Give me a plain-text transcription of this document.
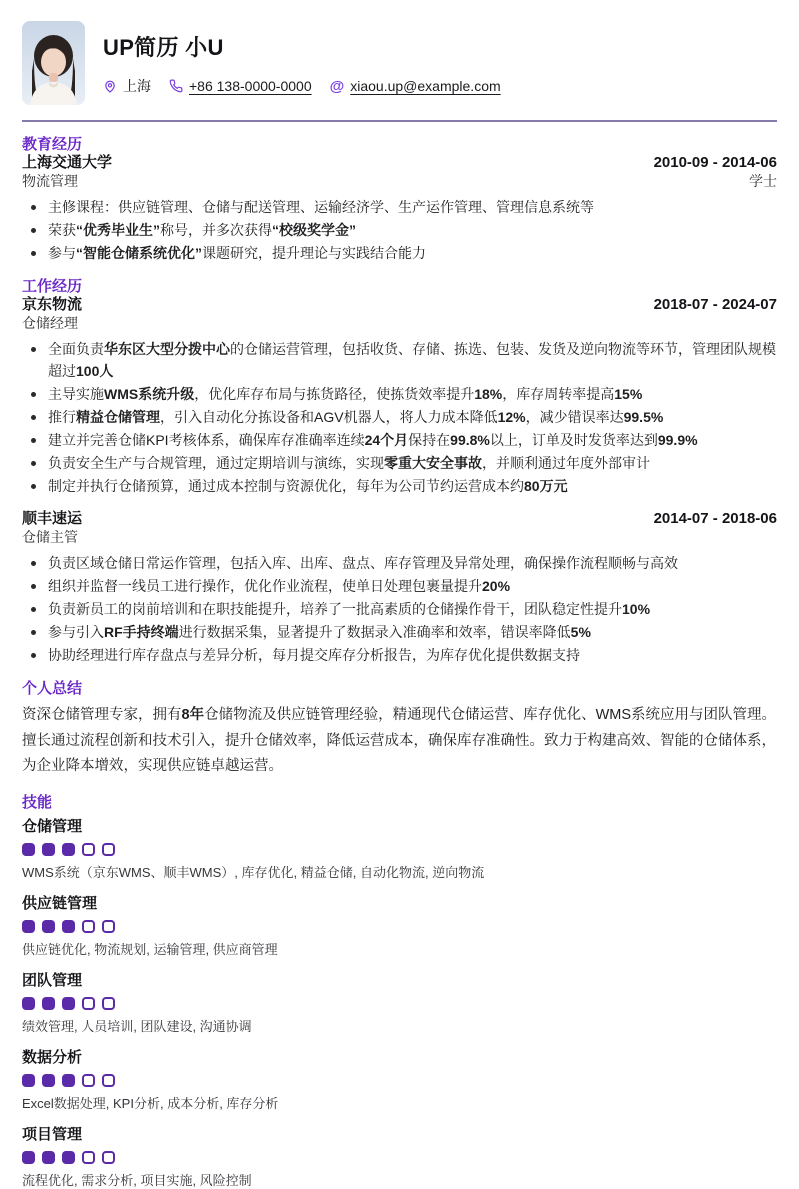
UP简历 小U
上海	+86 138-0000-0000 @ xiaou.up@example.com
教育经历
上海交通大学	2010-09 - 2014-06
物流管理	学士
主修课程：供应链管理、仓储与配送管理、运输经济学、生产运作管理、管理信息系统等
荣获“优秀毕业生”称号，并多次获得“校级奖学金”
参与“智能仓储系统优化”课题研究，提升理论与实践结合能力
工作经历
京东物流	2018-07 - 2024-07
仓储经理
全面负责华东区大型分拨中心的仓储运营管理，包括收货、存储、拣选、包装、发货及逆向物流等环节，管理团队规模超过100人
主导实施WMS系统升级，优化库存布局与拣货路径，使拣货效率提升18%，库存周转率提高15%
推行精益仓储管理，引入自动化分拣设备和AGV机器人，将人力成本降低12%，减少错误率达99.5%
建立并完善仓储KPI考核体系，确保库存准确率连续24个月保持在99.8%以上，订单及时发货率达到99.9%
负责安全生产与合规管理，通过定期培训与演练，实现零重大安全事故，并顺利通过年度外部审计
制定并执行仓储预算，通过成本控制与资源优化，每年为公司节约运营成本约80万元
顺丰速运	2014-07 - 2018-06
仓储主管
负责区域仓储日常运作管理，包括入库、出库、盘点、库存管理及异常处理，确保操作流程顺畅与高效
组织并监督一线员工进行操作，优化作业流程，使单日处理包裹量提升20%
负责新员工的岗前培训和在职技能提升，培养了一批高素质的仓储操作骨干，团队稳定性提升10%
参与引入RF手持终端进行数据采集，显著提升了数据录入准确率和效率，错误率降低5%
协助经理进行库存盘点与差异分析，每月提交库存分析报告，为库存优化提供数据支持
个人总结

资深仓储管理专家，拥有8年仓储物流及供应链管理经验，精通现代仓储运营、库存优化、WMS系统应用与团队管理。擅长通过流程创新和技术引入，提升仓储效率，降低运营成本，确保库存准确性。致力于构建高效、智能的仓储体系，为企业降本增效，实现供应链卓越运营。

技能
仓储管理
WMS系统（京东WMS、顺丰WMS）, 库存优化, 精益仓储, 自动化物流, 逆向物流
供应链管理
供应链优化, 物流规划, 运输管理, 供应商管理
团队管理
绩效管理, 人员培训, 团队建设, 沟通协调
数据分析
Excel数据处理, KPI分析, 成本分析, 库存分析
项目管理
流程优化, 需求分析, 项目实施, 风险控制
